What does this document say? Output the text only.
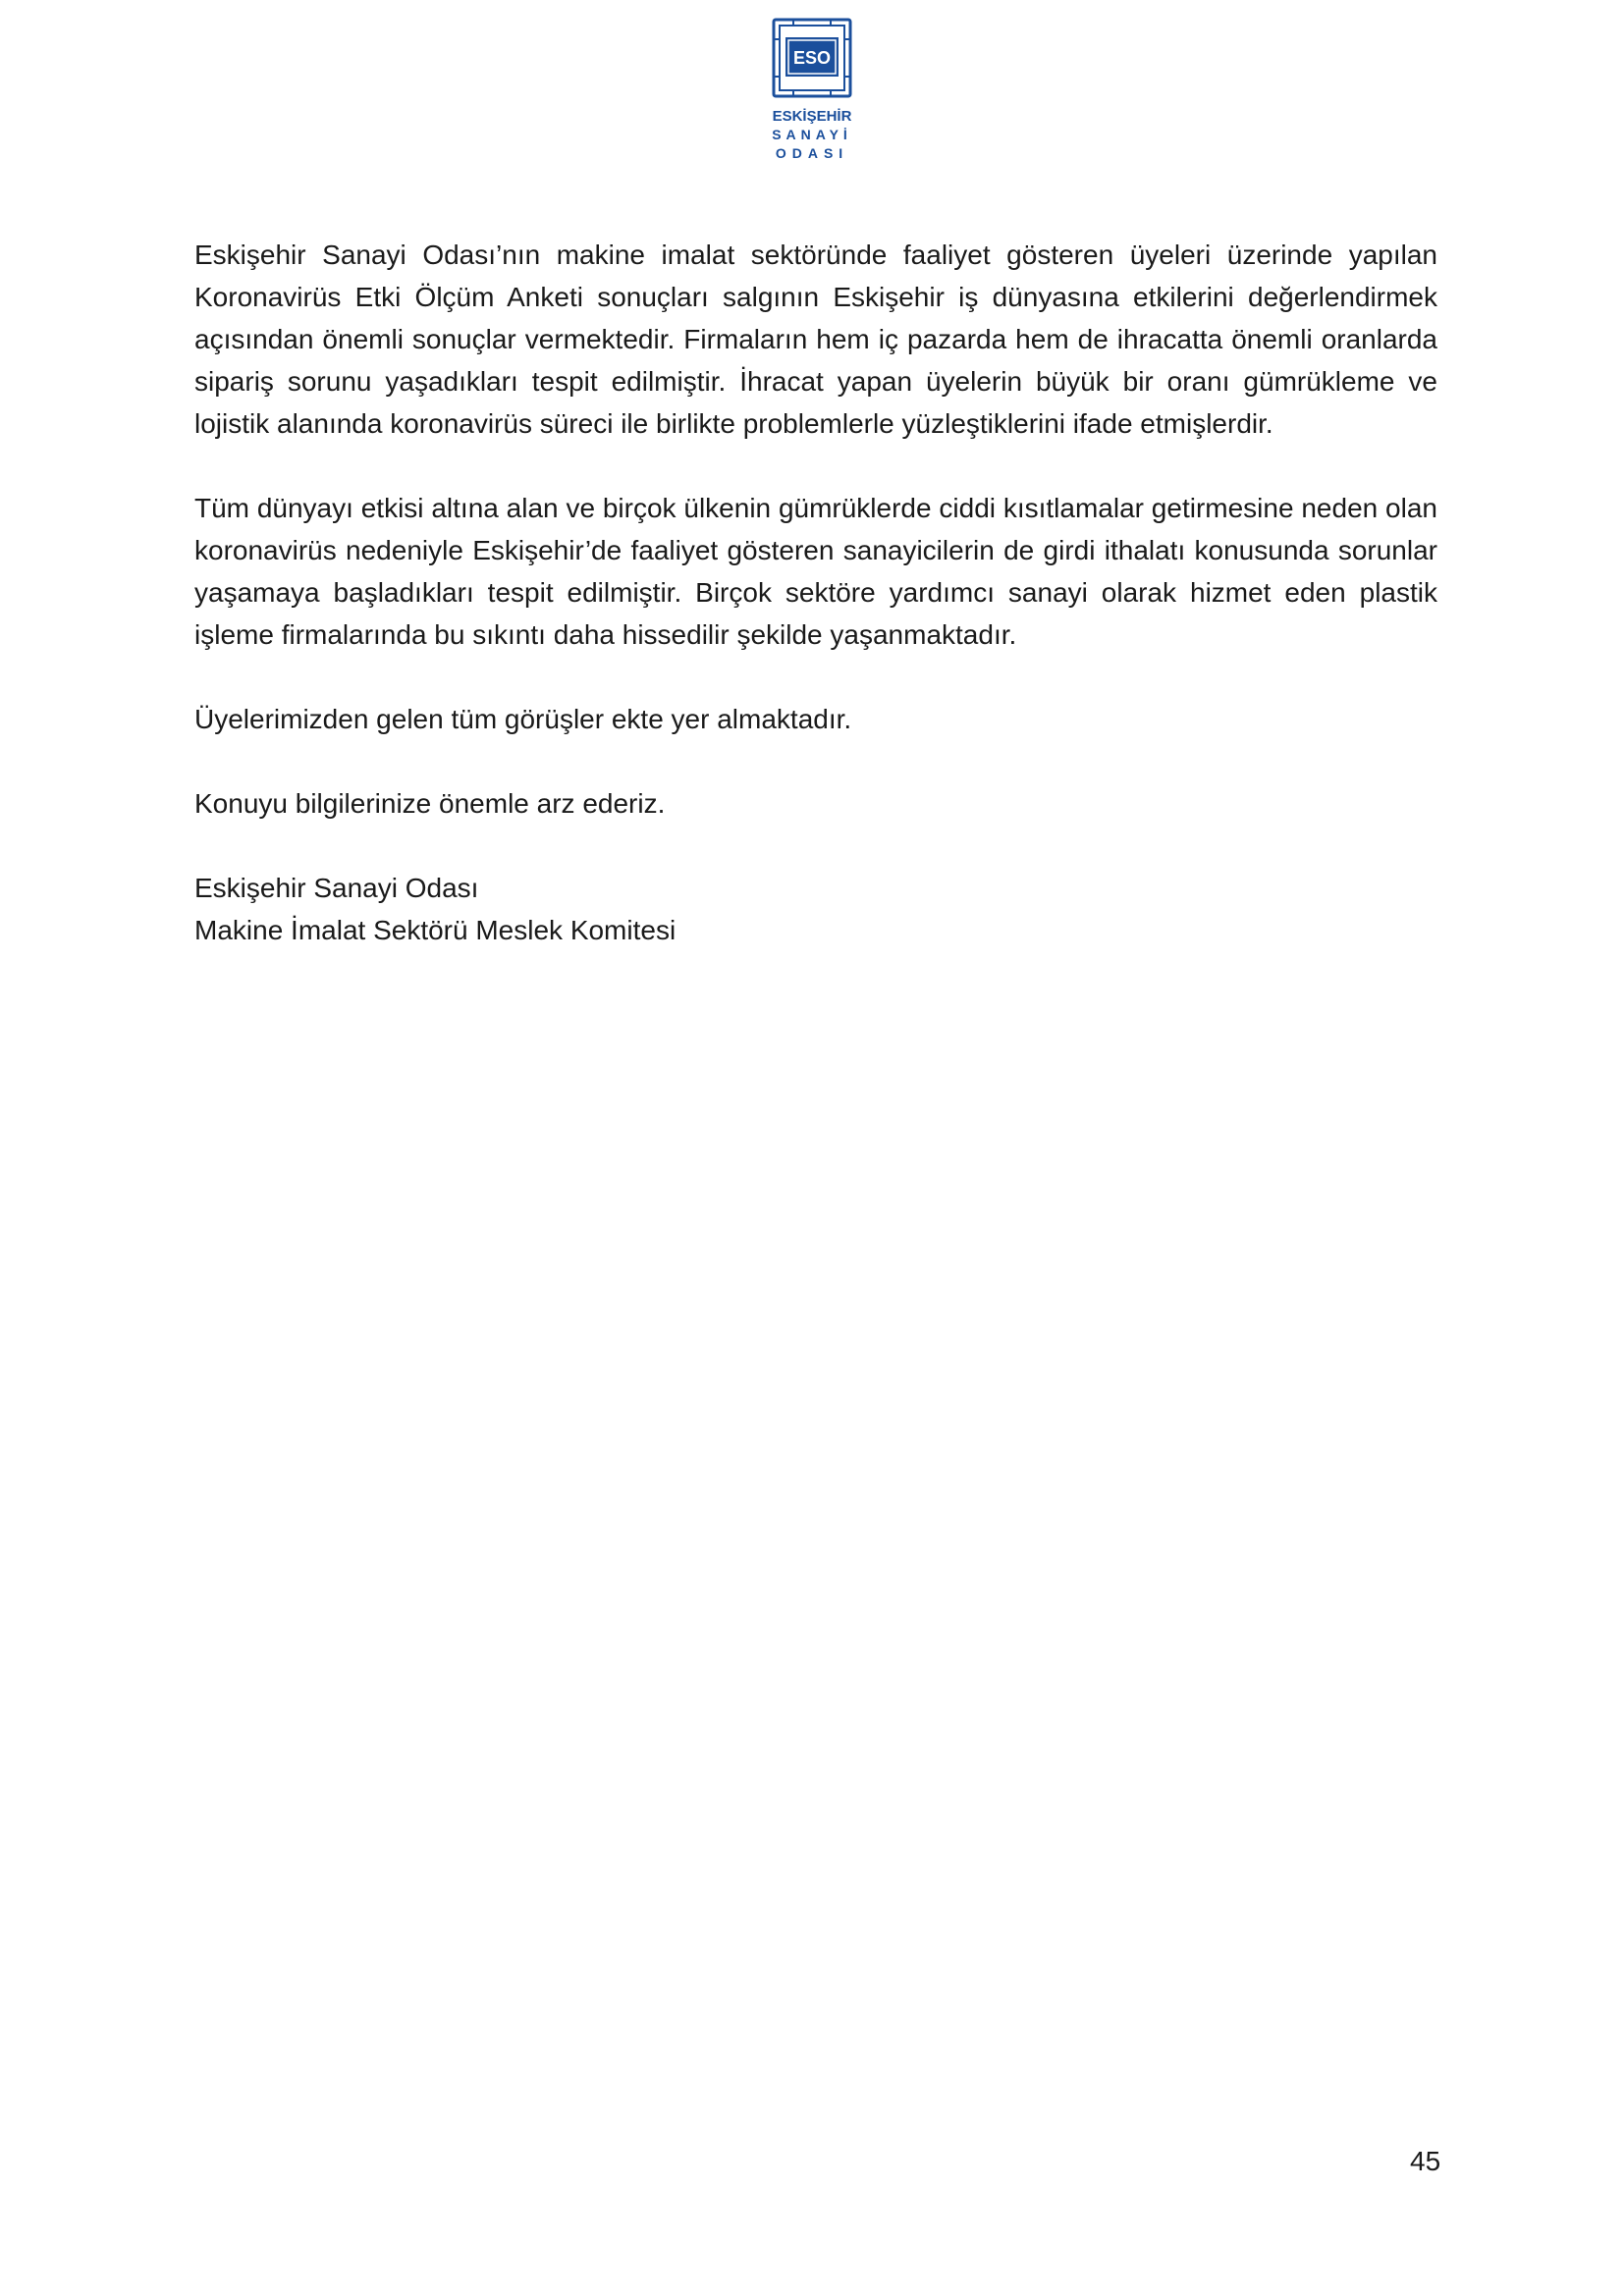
ESO
ESKİŞEHİR
SANAYİ
ODASI

Eskişehir Sanayi Odası’nın makine imalat sektöründe faaliyet gösteren üyeleri üzerinde yapılan Koronavirüs Etki Ölçüm Anketi sonuçları salgının Eskişehir iş dünyasına etkilerini değerlendirmek açısından önemli sonuçlar vermektedir. Firmaların hem iç pazarda hem de ihracatta önemli oranlarda sipariş sorunu yaşadıkları tespit edilmiştir. İhracat yapan üyelerin büyük bir oranı gümrükleme ve lojistik alanında koronavirüs süreci ile birlikte problemlerle yüzleştiklerini ifade etmişlerdir.

Tüm dünyayı etkisi altına alan ve birçok ülkenin gümrüklerde ciddi kısıtlamalar getirmesine neden olan koronavirüs nedeniyle Eskişehir’de faaliyet gösteren sanayicilerin de girdi ithalatı konusunda sorunlar yaşamaya başladıkları tespit edilmiştir. Birçok sektöre yardımcı sanayi olarak hizmet eden plastik işleme firmalarında bu sıkıntı daha hissedilir şekilde yaşanmaktadır.

Üyelerimizden gelen tüm görüşler ekte yer almaktadır.

Konuyu bilgilerinize önemle arz ederiz.

Eskişehir Sanayi Odası
Makine İmalat Sektörü Meslek Komitesi
45
